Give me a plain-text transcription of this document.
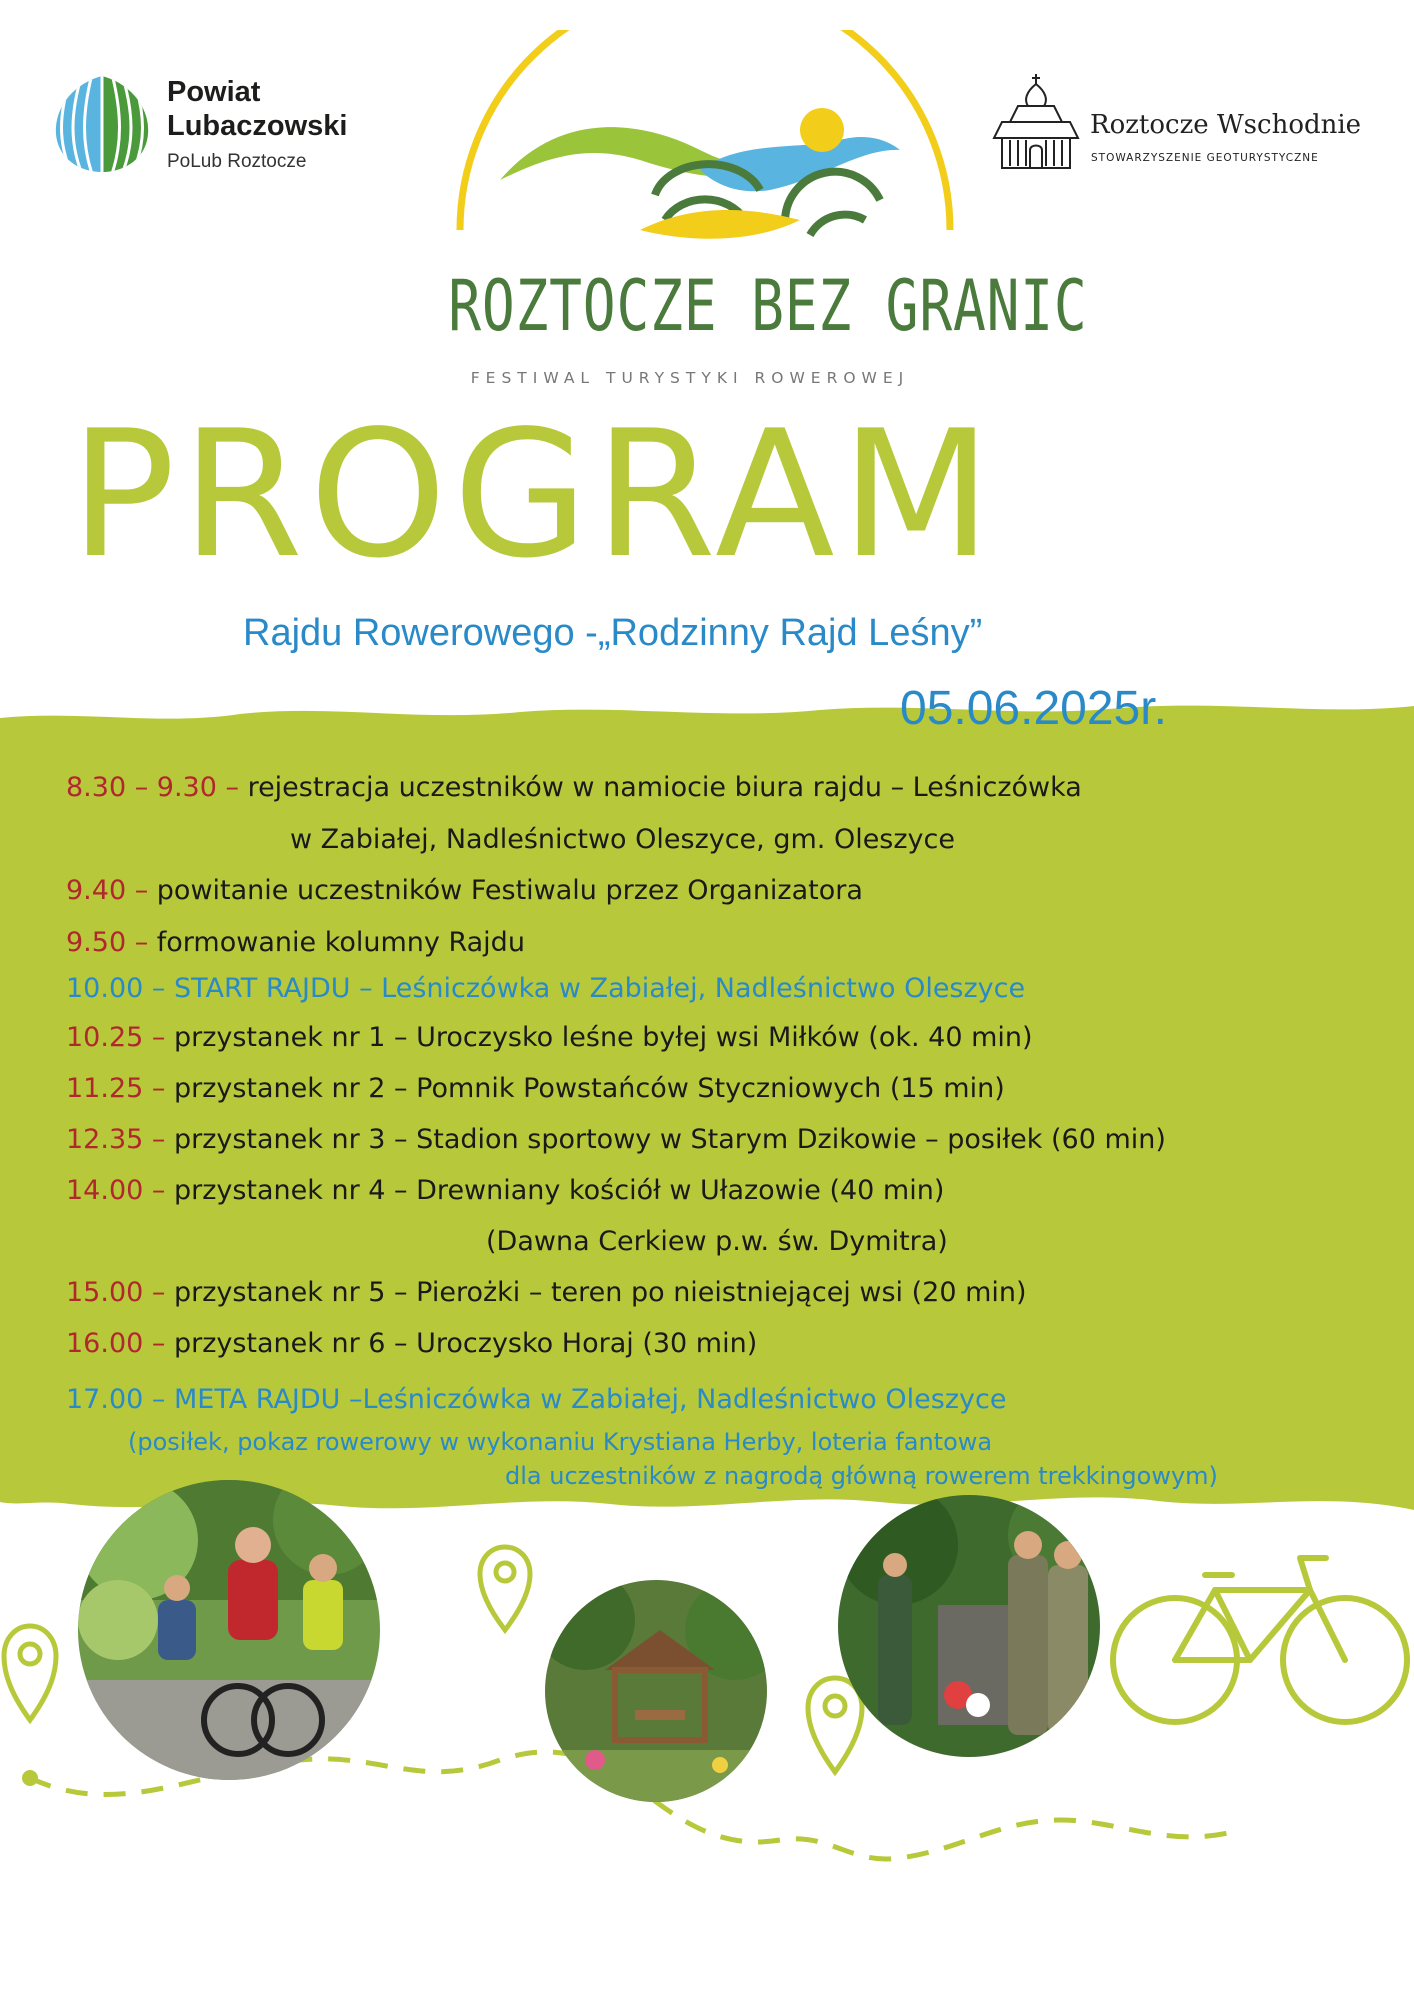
Powiat
Lubaczowski
PoLub Roztocze
Roztocze Wschodnie
STOWARZYSZENIE GEOTURYSTYCZNE
ROZTOCZE BEZ GRANIC
FESTIWAL TURYSTYKI ROWEROWEJ
PROGRAM
Rajdu Rowerowego -„Rodzinny Rajd Leśny”
05.06.2025r.
8.30 – 9.30 – rejestracja uczestników w namiocie biura rajdu – Leśniczówka
w Zabiałej, Nadleśnictwo Oleszyce, gm. Oleszyce
9.40 – powitanie uczestników Festiwalu przez Organizatora
9.50 – formowanie kolumny Rajdu
10.00 – START RAJDU – Leśniczówka w Zabiałej, Nadleśnictwo Oleszyce
10.25 – przystanek nr 1 – Uroczysko leśne byłej wsi Miłków (ok. 40 min)
11.25 – przystanek nr 2 – Pomnik Powstańców Styczniowych (15 min)
12.35 – przystanek nr 3 – Stadion sportowy w Starym Dzikowie – posiłek (60 min)
14.00 – przystanek nr 4 – Drewniany kościół w Ułazowie (40 min)
(Dawna Cerkiew p.w. św. Dymitra)
15.00 – przystanek nr 5 – Pierożki – teren po nieistniejącej wsi (20 min)
16.00 – przystanek nr 6 – Uroczysko Horaj (30 min)
17.00 – META RAJDU –Leśniczówka w Zabiałej, Nadleśnictwo Oleszyce
(posiłek, pokaz rowerowy w wykonaniu Krystiana Herby, loteria fantowa
dla uczestników z nagrodą główną rowerem trekkingowym)
